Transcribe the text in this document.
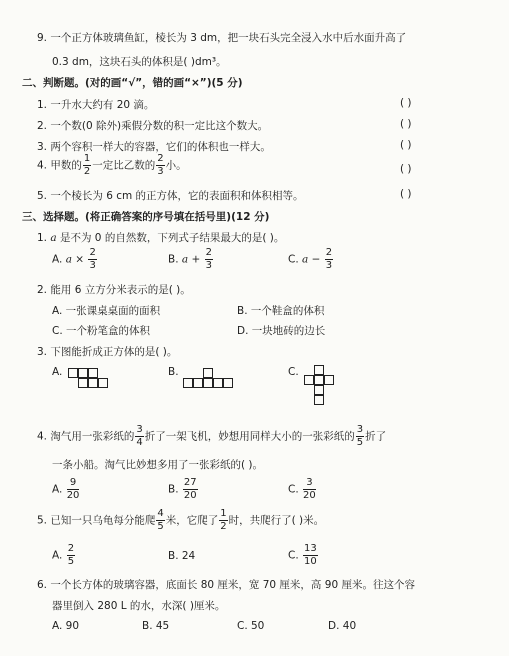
9. 一个正方体玻璃鱼缸，棱长为 3 dm，把一块石头完全浸入水中后水面升高了
0.3 dm，这块石头的体积是( )dm³。
二、判断题。(对的画“√”，错的画“×”)(5 分)
1. 一升水大约有 20 滴。	( )
2. 一个数(0 除外)乘假分数的积一定比这个数大。	( )
3. 两个容积一样大的容器，它们的体积也一样大。	( )
4. 甲数的 $\frac{1}{2}$ 一定比乙数的 $\frac{2}{3}$ 小。	( )
5. 一个棱长为 6 cm 的正方体，它的表面积和体积相等。	( )
三、选择题。(将正确答案的序号填在括号里)(12 分)
1. a 是不为 0 的自然数，下列式子结果最大的是( )。
A. $a \times \frac{2}{3}$	B. $a + \frac{2}{3}$	C. $a - \frac{2}{3}$
2. 能用 6 立方分米表示的是( )。
A. 一张课桌桌面的面积	B. 一个鞋盒的体积
C. 一个粉笔盒的体积	D. 一块地砖的边长
3. 下图能折成正方体的是( )。
A.	B.	C.
4. 淘气用一张彩纸的 $\frac{3}{4}$ 折了一架飞机，妙想用同样大小的一张彩纸的 $\frac{3}{5}$ 折了
一条小船。淘气比妙想多用了一张彩纸的( )。
A. $\frac{9}{20}$	B. $\frac{27}{20}$	C. $\frac{3}{20}$
5. 已知一只乌龟每分能爬 $\frac{4}{5}$ 米，它爬了 $\frac{1}{2}$ 时，共爬行了( )米。
A. $\frac{2}{5}$	B. 24	C. $\frac{13}{10}$
6. 一个长方体的玻璃容器，底面长 80 厘米，宽 70 厘米，高 90 厘米。往这个容
器里倒入 280 L 的水，水深( )厘米。
A. 90	B. 45	C. 50	D. 40
